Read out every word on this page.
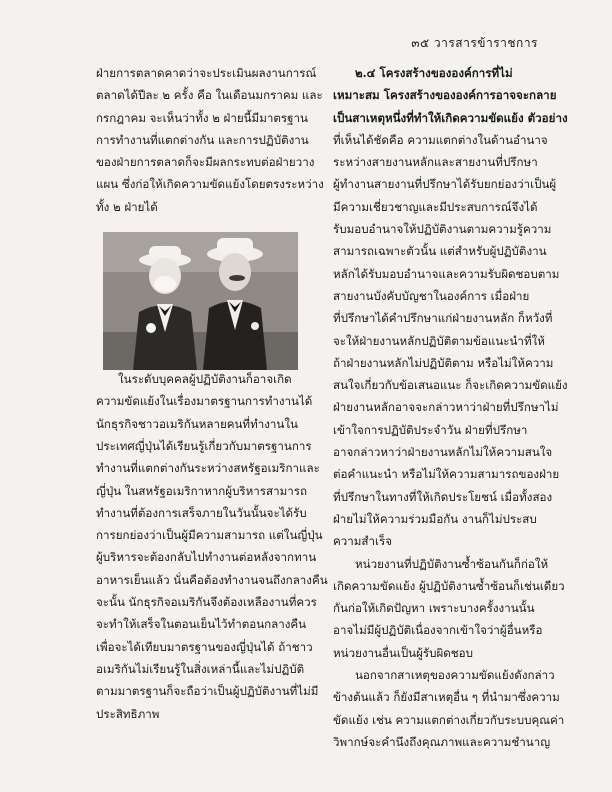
๓๕ วารสารข้าราชการ
ฝ่ายการตลาดคาดว่าจะประเมินผลงานการณ์
ตลาดได้ปีละ ๒ ครั้ง คือ ในเดือนมกราคม และ
กรกฎาคม จะเห็นว่าทั้ง ๒ ฝ่ายนี้มีมาตรฐาน
การทำงานที่แตกต่างกัน และการปฏิบัติงาน
ของฝ่ายการตลาดก็จะมีผลกระทบต่อฝ่ายวาง
แผน ซึ่งก่อให้เกิดความขัดแย้งโดยตรงระหว่าง
ทั้ง ๒ ฝ่ายได้
ในระดับบุคคลผู้ปฏิบัติงานก็อาจเกิด
ความขัดแย้งในเรื่องมาตรฐานการทำงานได้
นักธุรกิจชาวอเมริกันหลายคนที่ทำงานใน
ประเทศญี่ปุ่นได้เรียนรู้เกี่ยวกับมาตรฐานการ
ทำงานที่แตกต่างกันระหว่างสหรัฐอเมริกาและ
ญี่ปุ่น ในสหรัฐอเมริกาหากผู้บริหารสามารถ
ทำงานที่ต้องการเสร็จภายในวันนั้นจะได้รับ
การยกย่องว่าเป็นผู้มีความสามารถ แต่ในญี่ปุ่น
ผู้บริหารจะต้องกลับไปทำงานต่อหลังจากทาน
อาหารเย็นแล้ว นั่นคือต้องทำงานจนถึงกลางคืน
จะนั้น นักธุรกิจอเมริกันจึงต้องเหลืองานที่ควร
จะทำให้เสร็จในตอนเย็นไว้ทำตอนกลางคืน
เพื่อจะได้เทียบมาตรฐานของญี่ปุ่นได้ ถ้าชาว
อเมริกันไม่เรียนรู้ในสิ่งเหล่านี้และไม่ปฏิบัติ
ตามมาตรฐานก็จะถือว่าเป็นผู้ปฏิบัติงานที่ไม่มี
ประสิทธิภาพ
๒.๔ โครงสร้างขององค์การที่ไม่
เหมาะสม โครงสร้างขององค์การอาจจะกลาย
เป็นสาเหตุหนึ่งที่ทำให้เกิดความขัดแย้ง ตัวอย่าง
ที่เห็นได้ชัดคือ ความแตกต่างในด้านอำนาจ
ระหว่างสายงานหลักและสายงานที่ปรึกษา
ผู้ทำงานสายงานที่ปรึกษาได้รับยกย่องว่าเป็นผู้
มีความเชี่ยวชาญและมีประสบการณ์จึงได้
รับมอบอำนาจให้ปฏิบัติงานตามความรู้ความ
สามารถเฉพาะตัวนั้น แต่สำหรับผู้ปฏิบัติงาน
หลักได้รับมอบอำนาจและความรับผิดชอบตาม
สายงานบังคับบัญชาในองค์การ เมื่อฝ่าย
ที่ปรึกษาได้คำปรึกษาแก่ฝ่ายงานหลัก ก็หวังที่
จะให้ฝ่ายงานหลักปฏิบัติตามข้อแนะนำที่ให้
ถ้าฝ่ายงานหลักไม่ปฏิบัติตาม หรือไม่ให้ความ
สนใจเกี่ยวกับข้อเสนอแนะ ก็จะเกิดความขัดแย้ง
ฝ่ายงานหลักอาจจะกล่าวหาว่าฝ่ายที่ปรึกษาไม่
เข้าใจการปฏิบัติประจำวัน ฝ่ายที่ปรึกษา
อาจกล่าวหาว่าฝ่ายงานหลักไม่ให้ความสนใจ
ต่อคำแนะนำ หรือไม่ให้ความสามารถของฝ่าย
ที่ปรึกษาในทางที่ให้เกิดประโยชน์ เมื่อทั้งสอง
ฝ่ายไม่ให้ความร่วมมือกัน งานก็ไม่ประสบ
ความสำเร็จ
หน่วยงานที่ปฏิบัติงานซ้ำซ้อนกันก็ก่อให้
เกิดความขัดแย้ง ผู้ปฏิบัติงานซ้ำซ้อนก็เช่นเดียว
กันก่อให้เกิดปัญหา เพราะบางครั้งงานนั้น
อาจไม่มีผู้ปฏิบัติเนื่องจากเข้าใจว่าผู้อื่นหรือ
หน่วยงานอื่นเป็นผู้รับผิดชอบ
นอกจากสาเหตุของความขัดแย้งดังกล่าว
ข้างต้นแล้ว ก็ยังมีสาเหตุอื่น ๆ ที่นำมาซึ่งความ
ขัดแย้ง เช่น ความแตกต่างเกี่ยวกับระบบคุณค่า
วิพากษ์จะคำนึงถึงคุณภาพและความชำนาญ
